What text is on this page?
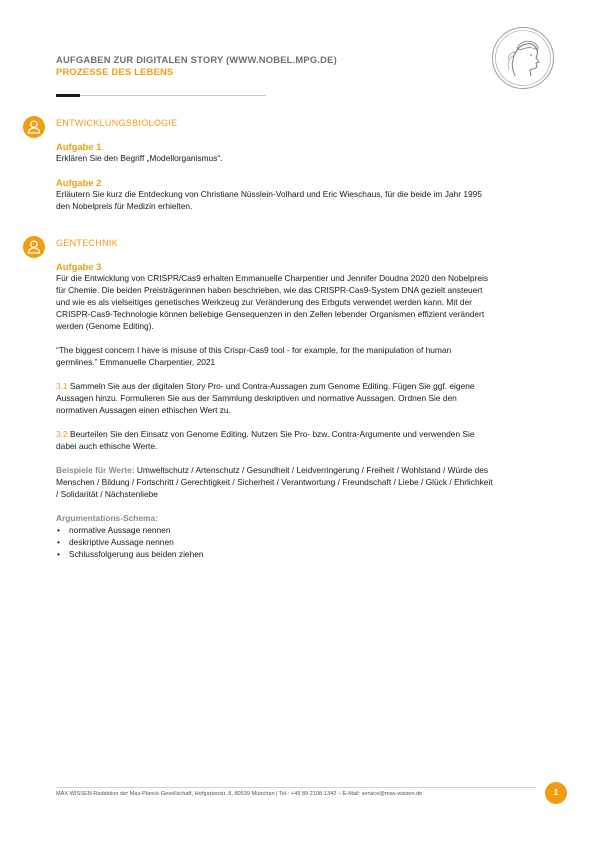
AUFGABEN ZUR DIGITALEN STORY (WWW.NOBEL.MPG.DE)
PROZESSE DES LEBENS
ENTWICKLUNGSBIOLOGIE
Aufgabe 1
Erklären Sie den Begriff „Modellorganismus“.
Aufgabe 2
Erläutern Sie kurz die Entdeckung von Christiane Nüsslein-Volhard und Eric Wieschaus, für die beide im Jahr 1995 den Nobelpreis für Medizin erhielten.
GENTECHNIK
Aufgabe 3
Für die Entwicklung von CRISPR/Cas9 erhalten Emmanuelle Charpentier und Jennifer Doudna 2020 den Nobelpreis für Chemie. Die beiden Preisträgerinnen haben beschrieben, wie das CRISPR-Cas9-System DNA gezielt ansteuert und wie es als vielseitiges genetisches Werkzeug zur Veränderung des Erbguts verwendet werden kann. Mit der CRISPR-Cas9-Technologie können beliebige Gensequenzen in den Zellen lebender Organismen effizient verändert werden (Genome Editing).
“The biggest concern I have is misuse of this Crispr-Cas9 tool - for example, for the manipulation of human germlines.” Emmanuelle Charpentier, 2021
3.1 Sammeln Sie aus der digitalen Story Pro- und Contra-Aussagen zum Genome Editing. Fügen Sie ggf. eigene Aussagen hinzu. Formulieren Sie aus der Sammlung deskriptiven und normative Aussagen. Ordnen Sie den normativen Aussagen einen ethischen Wert zu.
3.2 Beurteilen Sie den Einsatz von Genome Editing. Nutzen Sie Pro- bzw. Contra-Argumente und verwenden Sie dabei auch ethische Werte.
Beispiele für Werte: Umweltschutz / Artenschutz / Gesundheit / Leidverringerung / Freiheit / Wohlstand / Würde des Menschen / Bildung / Fortschritt / Gerechtigkeit / Sicherheit / Verantwortung / Freundschaft / Liebe / Glück / Ehrlichkeit / Solidarität / Nächstenliebe
Argumentations-Schema:
• normative Aussage nennen
• deskriptive Aussage nennen
• Schlussfolgerung aus beiden ziehen
MAX WISSEN Redaktion der Max-Planck-Gesellschaft, Hofgartenstr. 8, 80539 München | Tel.: +49 89 2108-1342 – E-Mail: service@max-wissen.de	1
